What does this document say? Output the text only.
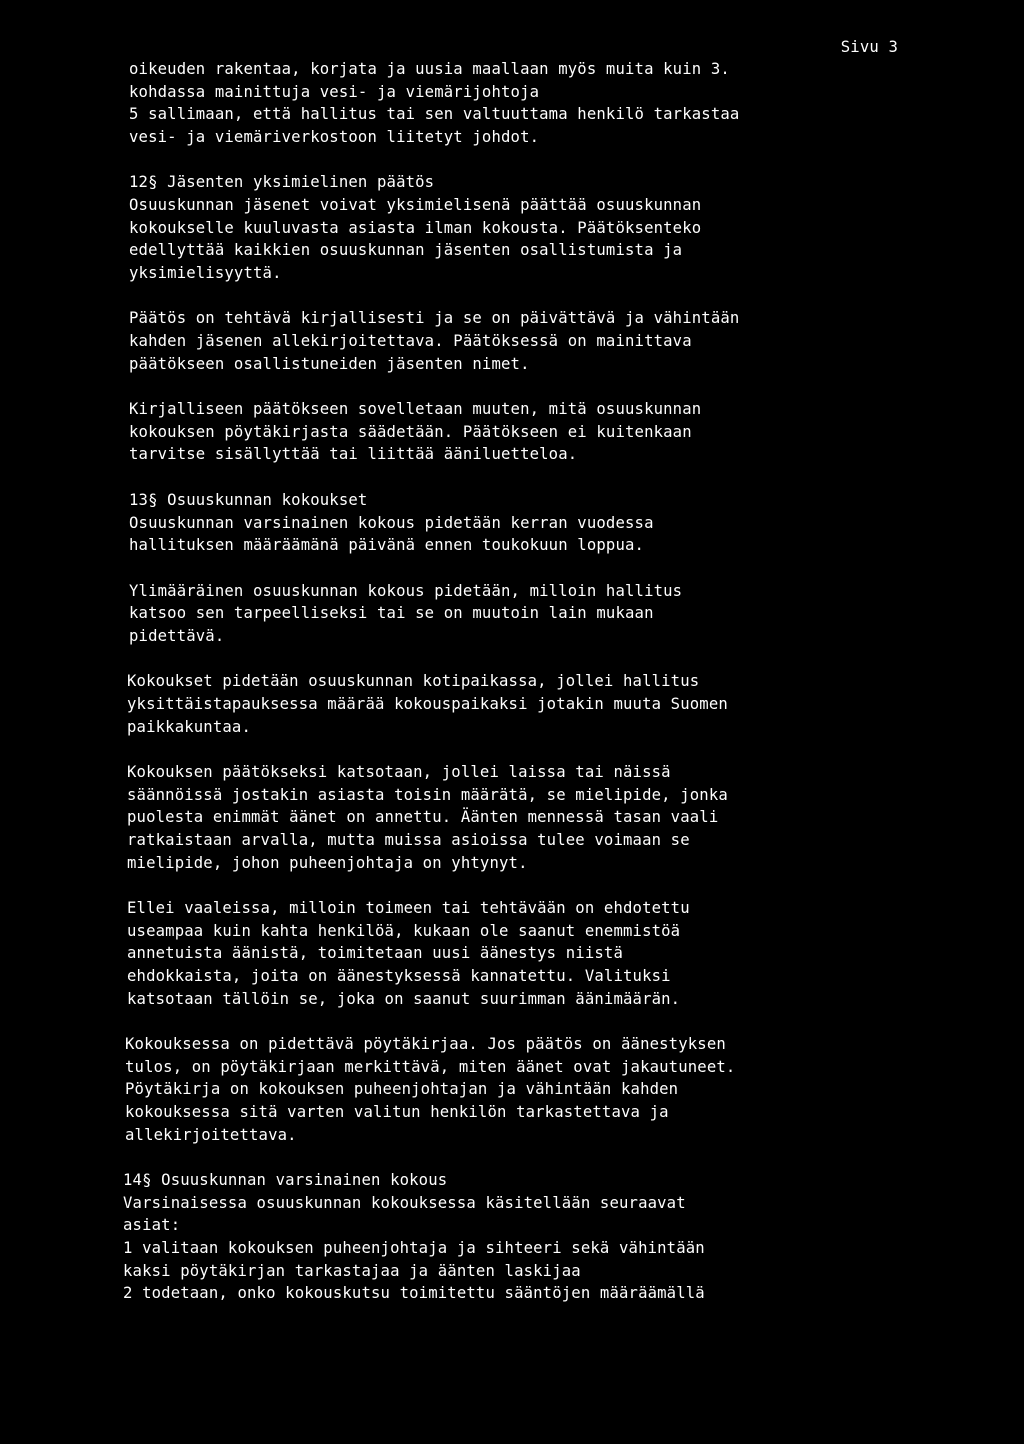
Sivu 3
oikeuden rakentaa, korjata ja uusia maallaan myös muita kuin 3.
kohdassa mainittuja vesi- ja viemärijohtoja
5 sallimaan, että hallitus tai sen valtuuttama henkilö tarkastaa
vesi- ja viemäriverkostoon liitetyt johdot.
12§ Jäsenten yksimielinen päätös
Osuuskunnan jäsenet voivat yksimielisenä päättää osuuskunnan
kokoukselle kuuluvasta asiasta ilman kokousta. Päätöksenteko
edellyttää kaikkien osuuskunnan jäsenten osallistumista ja
yksimielisyyttä.
Päätös on tehtävä kirjallisesti ja se on päivättävä ja vähintään
kahden jäsenen allekirjoitettava. Päätöksessä on mainittava
päätökseen osallistuneiden jäsenten nimet.
Kirjalliseen päätökseen sovelletaan muuten, mitä osuuskunnan
kokouksen pöytäkirjasta säädetään. Päätökseen ei kuitenkaan
tarvitse sisällyttää tai liittää ääniluetteloa.
13§ Osuuskunnan kokoukset
Osuuskunnan varsinainen kokous pidetään kerran vuodessa
hallituksen määräämänä päivänä ennen toukokuun loppua.
Ylimääräinen osuuskunnan kokous pidetään, milloin hallitus
katsoo sen tarpeelliseksi tai se on muutoin lain mukaan
pidettävä.
Kokoukset pidetään osuuskunnan kotipaikassa, jollei hallitus
yksittäistapauksessa määrää kokouspaikaksi jotakin muuta Suomen
paikkakuntaa.
Kokouksen päätökseksi katsotaan, jollei laissa tai näissä
säännöissä jostakin asiasta toisin määrätä, se mielipide, jonka
puolesta enimmät äänet on annettu. Äänten mennessä tasan vaali
ratkaistaan arvalla, mutta muissa asioissa tulee voimaan se
mielipide, johon puheenjohtaja on yhtynyt.
Ellei vaaleissa, milloin toimeen tai tehtävään on ehdotettu
useampaa kuin kahta henkilöä, kukaan ole saanut enemmistöä
annetuista äänistä, toimitetaan uusi äänestys niistä
ehdokkaista, joita on äänestyksessä kannatettu. Valituksi
katsotaan tällöin se, joka on saanut suurimman äänimäärän.
Kokouksessa on pidettävä pöytäkirjaa. Jos päätös on äänestyksen
tulos, on pöytäkirjaan merkittävä, miten äänet ovat jakautuneet.
Pöytäkirja on kokouksen puheenjohtajan ja vähintään kahden
kokouksessa sitä varten valitun henkilön tarkastettava ja
allekirjoitettava.
14§ Osuuskunnan varsinainen kokous
Varsinaisessa osuuskunnan kokouksessa käsitellään seuraavat
asiat:
1 valitaan kokouksen puheenjohtaja ja sihteeri sekä vähintään
kaksi pöytäkirjan tarkastajaa ja äänten laskijaa
2 todetaan, onko kokouskutsu toimitettu sääntöjen määräämällä
